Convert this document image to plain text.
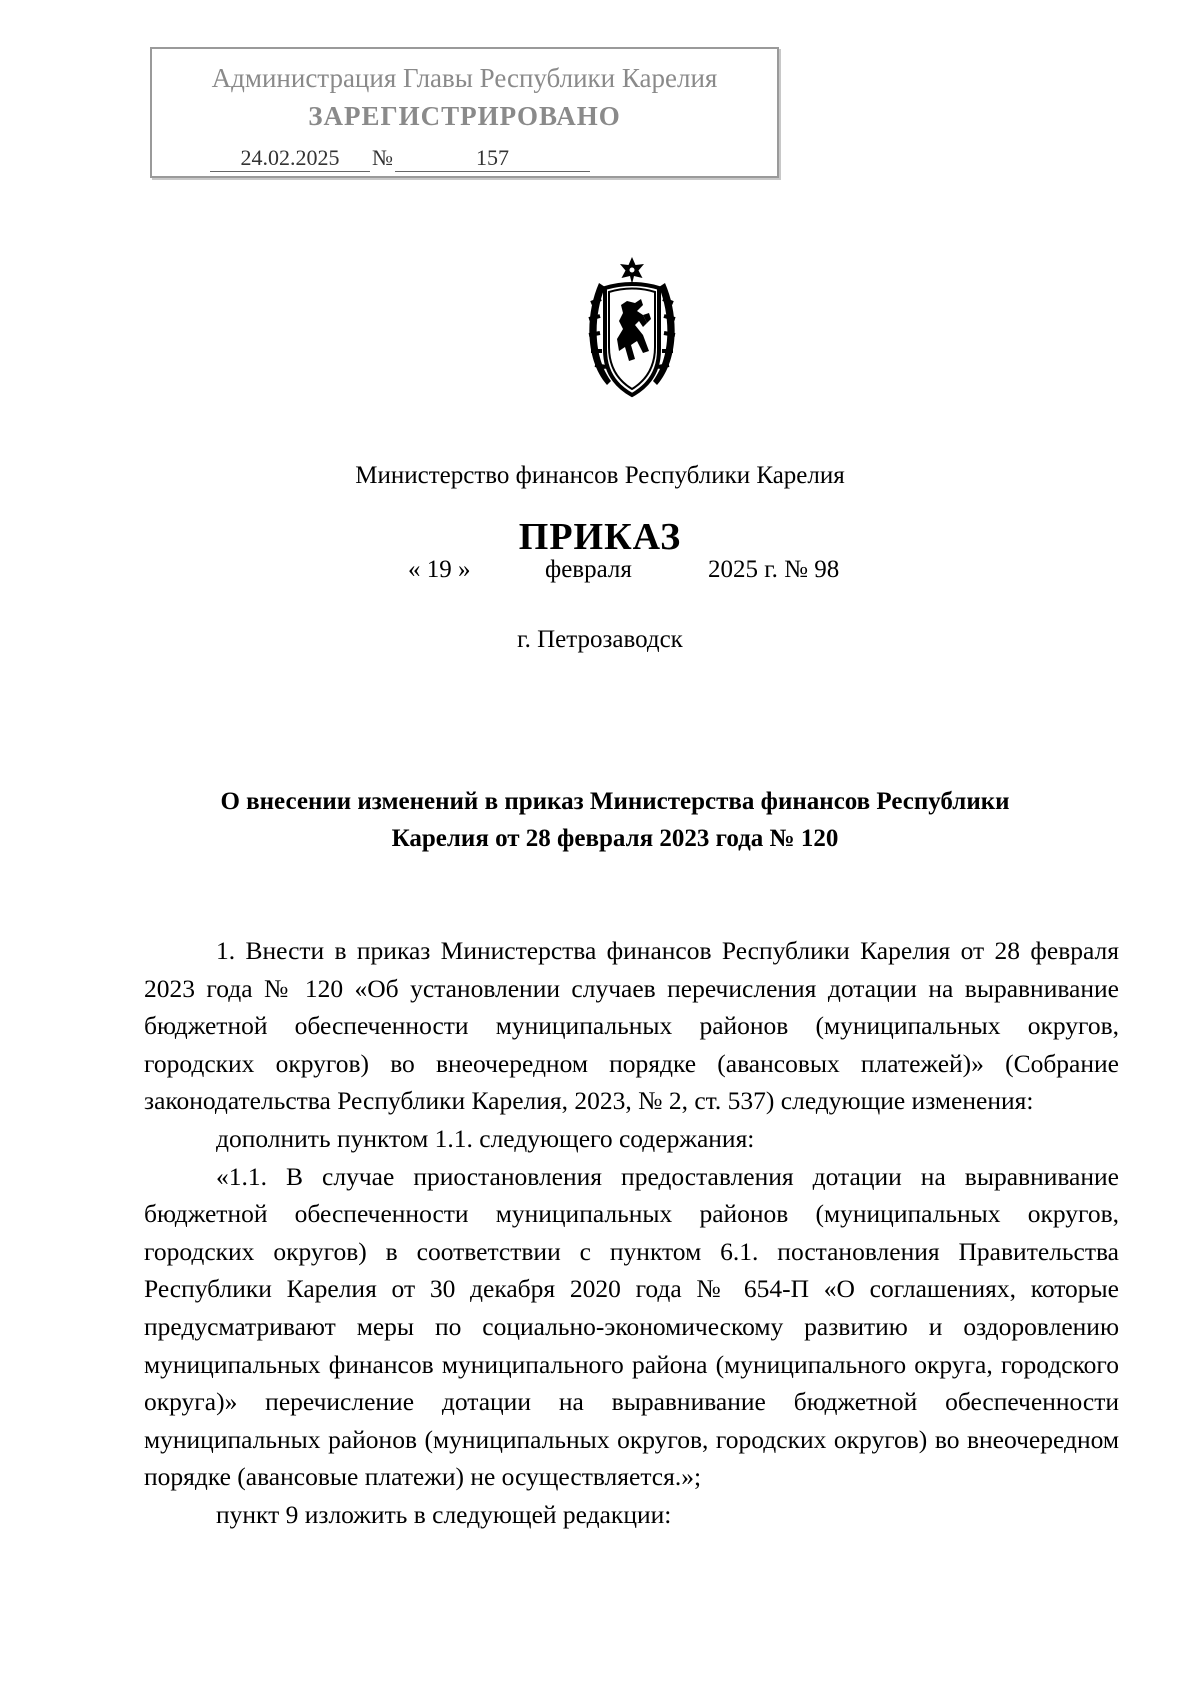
Администрация Главы Республики Карелия
ЗАРЕГИСТРИРОВАНО
24.02.2025 №	157
Министерство финансов Республики Карелия
ПРИКАЗ
« 19 »	февраля	2025 г. № 98
г. Петрозаводск
О внесении изменений в приказ Министерства финансов Республики
Карелия от 28 февраля 2023 года № 120

1. Внести в приказ Министерства финансов Республики Карелия от 28 февраля 2023 года № 120 «Об установлении случаев перечисления дотации на выравнивание бюджетной обеспеченности муниципальных районов (муниципальных округов, городских округов) во внеочередном порядке (авансовых платежей)» (Собрание законодательства Республики Карелия, 2023, № 2, ст. 537) следующие изменения:

дополнить пунктом 1.1. следующего содержания:

«1.1. В случае приостановления предоставления дотации на выравнивание бюджетной обеспеченности муниципальных районов (муниципальных округов, городских округов) в соответствии с пунктом 6.1. постановления Правительства Республики Карелия от 30 декабря 2020 года № 654-П «О соглашениях, которые предусматривают меры по социально-экономическому развитию и оздоровлению муниципальных финансов муниципального района (муниципального округа, городского округа)» перечисление дотации на выравнивание бюджетной обеспеченности муниципальных районов (муниципальных округов, городских округов) во внеочередном порядке (авансовые платежи) не осуществляется.»;

пункт 9 изложить в следующей редакции:
